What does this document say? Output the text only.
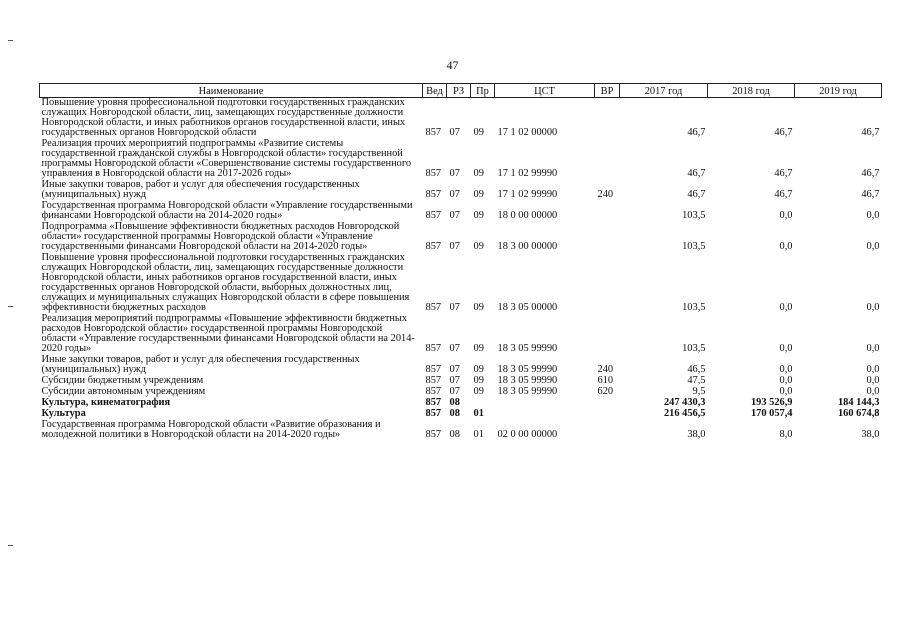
47
Наименование	Вед	РЗ	Пр	ЦСТ	ВР	2017 год	2018 год	2019 год
Повышение уровня профессиональной подготовки государственных гражданских служащих Новгородской области, лиц, замещающих государственные должности Новгородской области, и иных работников органов государственной власти, иных государственных органов Новгородской области	857	07	09	17 1 02 00000		46,7	46,7	46,7
Реализация прочих мероприятий подпрограммы «Развитие системы государственной гражданской службы в Новгородской области» государственной программы Новгородской области «Совершенствование системы государственного управления в Новгородской области на 2017-2026 годы»	857	07	09	17 1 02 99990		46,7	46,7	46,7
Иные закупки товаров, работ и услуг для обеспечения государственных (муниципальных) нужд	857	07	09	17 1 02 99990	240	46,7	46,7	46,7
Государственная программа Новгородской области «Управление государственными финансами Новгородской области на 2014-2020 годы»	857	07	09	18 0 00 00000		103,5	0,0	0,0
Подпрограмма «Повышение эффективности бюджетных расходов Новгородской области» государственной программы Новгородской области «Управление государственными финансами Новгородской области на 2014-2020 годы»	857	07	09	18 3 00 00000		103,5	0,0	0,0
Повышение уровня профессиональной подготовки государственных гражданских служащих Новгородской области, лиц, замещающих государственные должности Новгородской области, иных работников органов государственной власти, иных государственных органов Новгородской области, выборных должностных лиц, служащих и муниципальных служащих Новгородской области в сфере повышения эффективности бюджетных расходов	857	07	09	18 3 05 00000		103,5	0,0	0,0
Реализация мероприятий подпрограммы «Повышение эффективности бюджетных расходов Новгородской области» государственной программы Новгородской области «Управление государственными финансами Новгородской области на 2014-2020 годы»	857	07	09	18 3 05 99990		103,5	0,0	0,0
Иные закупки товаров, работ и услуг для обеспечения государственных (муниципальных) нужд	857	07	09	18 3 05 99990	240	46,5	0,0	0,0
Субсидии бюджетным учреждениям	857	07	09	18 3 05 99990	610	47,5	0,0	0,0
Субсидии автономным учреждениям	857	07	09	18 3 05 99990	620	9,5	0,0	0,0
Культура, кинематография	857	08				247 430,3	193 526,9	184 144,3
Культура	857	08	01			216 456,5	170 057,4	160 674,8
Государственная программа Новгородской области «Развитие образования и молодежной политики в Новгородской области на 2014-2020 годы»	857	08	01	02 0 00 00000		38,0	8,0	38,0
